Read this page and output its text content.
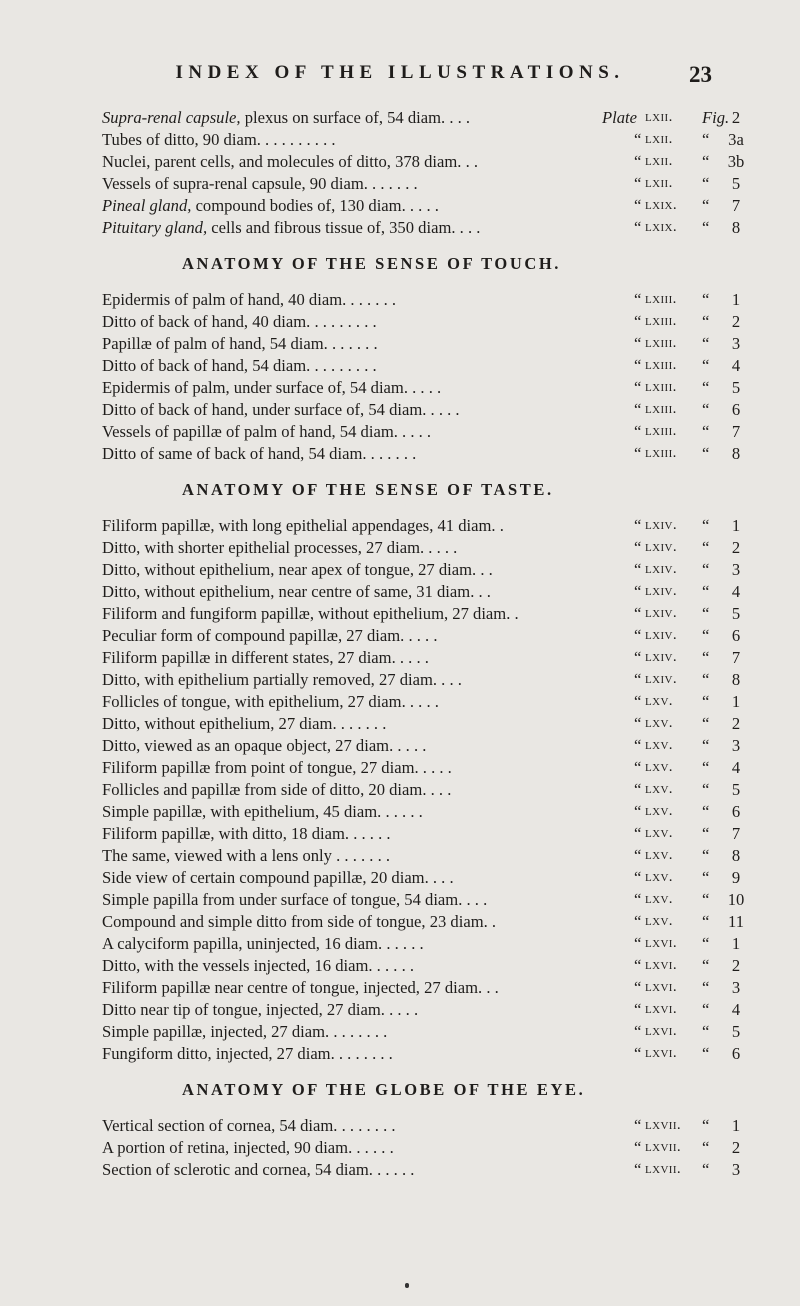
INDEX OF THE ILLUSTRATIONS.	23
Supra-renal capsule, plexus on surface of, 54 diam. . . .	Plate lxii. Fig. 2
Tubes of ditto, 90 diam. . . . . . . . . .	“ lxii. “ 3a
Nuclei, parent cells, and molecules of ditto, 378 diam. . .	“ lxii. “ 3b
Vessels of supra-renal capsule, 90 diam. . . . . . .	“ lxii. “ 5
Pineal gland, compound bodies of, 130 diam. . . . .	“ lxix. “ 7
Pituitary gland, cells and fibrous tissue of, 350 diam. . . .	“ lxix. “ 8
ANATOMY OF THE SENSE OF TOUCH.
Epidermis of palm of hand, 40 diam. . . . . . .	“ lxiii. “ 1
Ditto of back of hand, 40 diam. . . . . . . . .	“ lxiii. “ 2
Papillæ of palm of hand, 54 diam. . . . . . .	“ lxiii. “ 3
Ditto of back of hand, 54 diam. . . . . . . . .	“ lxiii. “ 4
Epidermis of palm, under surface of, 54 diam. . . . .	“ lxiii. “ 5
Ditto of back of hand, under surface of, 54 diam. . . . .	“ lxiii. “ 6
Vessels of papillæ of palm of hand, 54 diam. . . . .	“ lxiii. “ 7
Ditto of same of back of hand, 54 diam. . . . . . .	“ lxiii. “ 8
ANATOMY OF THE SENSE OF TASTE.
Filiform papillæ, with long epithelial appendages, 41 diam. .	“ lxiv. “ 1
Ditto, with shorter epithelial processes, 27 diam. . . . .	“ lxiv. “ 2
Ditto, without epithelium, near apex of tongue, 27 diam. . .	“ lxiv. “ 3
Ditto, without epithelium, near centre of same, 31 diam. . .	“ lxiv. “ 4
Filiform and fungiform papillæ, without epithelium, 27 diam. .	“ lxiv. “ 5
Peculiar form of compound papillæ, 27 diam. . . . .	“ lxiv. “ 6
Filiform papillæ in different states, 27 diam. . . . .	“ lxiv. “ 7
Ditto, with epithelium partially removed, 27 diam. . . .	“ lxiv. “ 8
Follicles of tongue, with epithelium, 27 diam. . . . .	“ lxv. “ 1
Ditto, without epithelium, 27 diam. . . . . . .	“ lxv. “ 2
Ditto, viewed as an opaque object, 27 diam. . . . .	“ lxv. “ 3
Filiform papillæ from point of tongue, 27 diam. . . . .	“ lxv. “ 4
Follicles and papillæ from side of ditto, 20 diam. . . .	“ lxv. “ 5
Simple papillæ, with epithelium, 45 diam. . . . . .	“ lxv. “ 6
Filiform papillæ, with ditto, 18 diam. . . . . .	“ lxv. “ 7
The same, viewed with a lens only . . . . . . .	“ lxv. “ 8
Side view of certain compound papillæ, 20 diam. . . .	“ lxv. “ 9
Simple papilla from under surface of tongue, 54 diam. . . .	“ lxv. “ 10
Compound and simple ditto from side of tongue, 23 diam. .	“ lxv. “ 11
A calyciform papilla, uninjected, 16 diam. . . . . .	“ lxvi. “ 1
Ditto, with the vessels injected, 16 diam. . . . . .	“ lxvi. “ 2
Filiform papillæ near centre of tongue, injected, 27 diam. . .	“ lxvi. “ 3
Ditto near tip of tongue, injected, 27 diam. . . . .	“ lxvi. “ 4
Simple papillæ, injected, 27 diam. . . . . . . .	“ lxvi. “ 5
Fungiform ditto, injected, 27 diam. . . . . . . .	“ lxvi. “ 6
ANATOMY OF THE GLOBE OF THE EYE.
Vertical section of cornea, 54 diam. . . . . . . .	“ lxvii. “ 1
A portion of retina, injected, 90 diam. . . . . .	“ lxvii. “ 2
Section of sclerotic and cornea, 54 diam. . . . . .	“ lxvii. “ 3
